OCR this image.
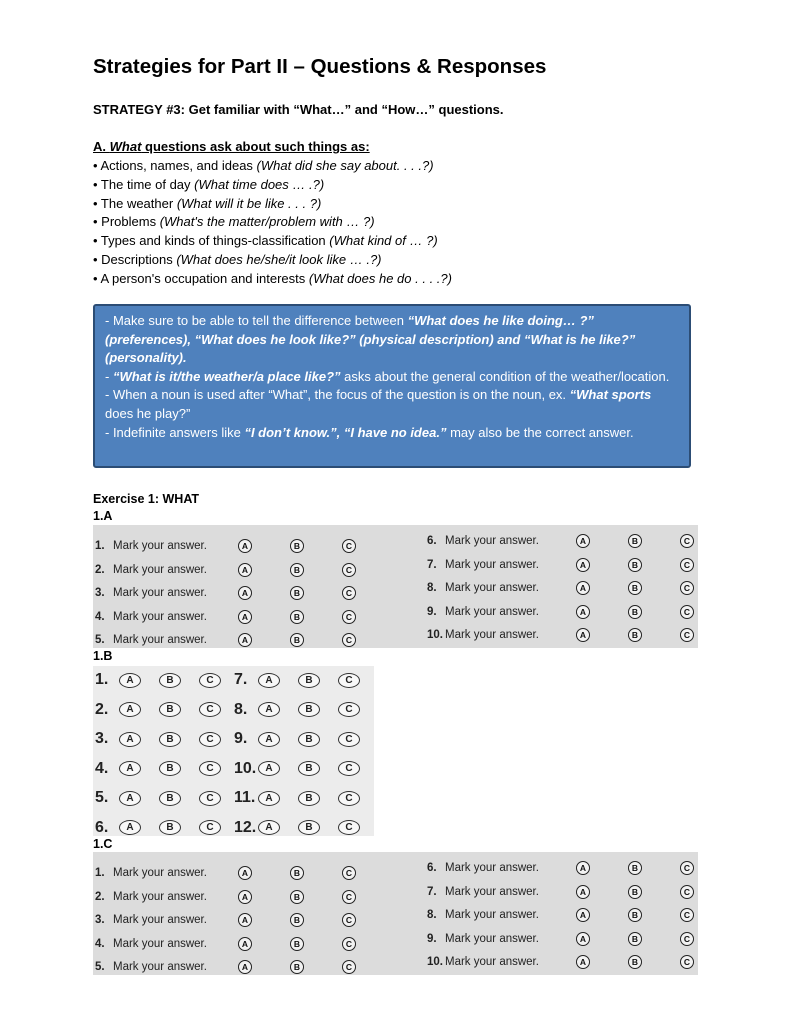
Strategies for Part II – Questions & Responses
STRATEGY #3: Get familiar with “What…” and “How…” questions.
A. What questions ask about such things as:
• Actions, names, and ideas (What did she say about. . . .?)
• The time of day (What time does … .?)
• The weather (What will it be like . . . ?)
• Problems (What's the matter/problem with … ?)
• Types and kinds of things-classification (What kind of … ?)
• Descriptions (What does he/she/it look like … .?)
• A person's occupation and interests (What does he do . . . .?)

- Make sure to be able to tell the difference between “What does he like doing… ?” (preferences), “What does he look like?” (physical description) and “What is he like?” (personality).

- “What is it/the weather/a place like?” asks about the general condition of the weather/location.

- When a noun is used after “What”, the focus of the question is on the noun, ex. “What sports does he play?”

- Indefinite answers like “I don’t know.”, “I have no idea.” may also be the correct answer.

Exercise 1: WHAT
1.A
1. Mark your answer.	A	B	C
2. Mark your answer.	A	B	C
3. Mark your answer.	A	B	C
4. Mark your answer.	A	B	C
5. Mark your answer.	A	B	C
6. Mark your answer.	A	B	C
7. Mark your answer.	A	B	C
8. Mark your answer.	A	B	C
9. Mark your answer.	A	B	C
10. Mark your answer.	A	B	C
1.B
1.	A	B	C
2.	A	B	C
3.	A	B	C
4.	A	B	C
5.	A	B	C
6.	A	B	C
7.	A	B	C
8.	A	B	C
9.	A	B	C
10. A	B	C
11.	A	B	C
12. A	B	C
1.C
1. Mark your answer.	A	B	C
2. Mark your answer.	A	B	C
3. Mark your answer.	A	B	C
4. Mark your answer.	A	B	C
5. Mark your answer.	A	B	C
6. Mark your answer.	A	B	C
7. Mark your answer.	A	B	C
8. Mark your answer.	A	B	C
9. Mark your answer.	A	B	C
10. Mark your answer.	A	B	C
